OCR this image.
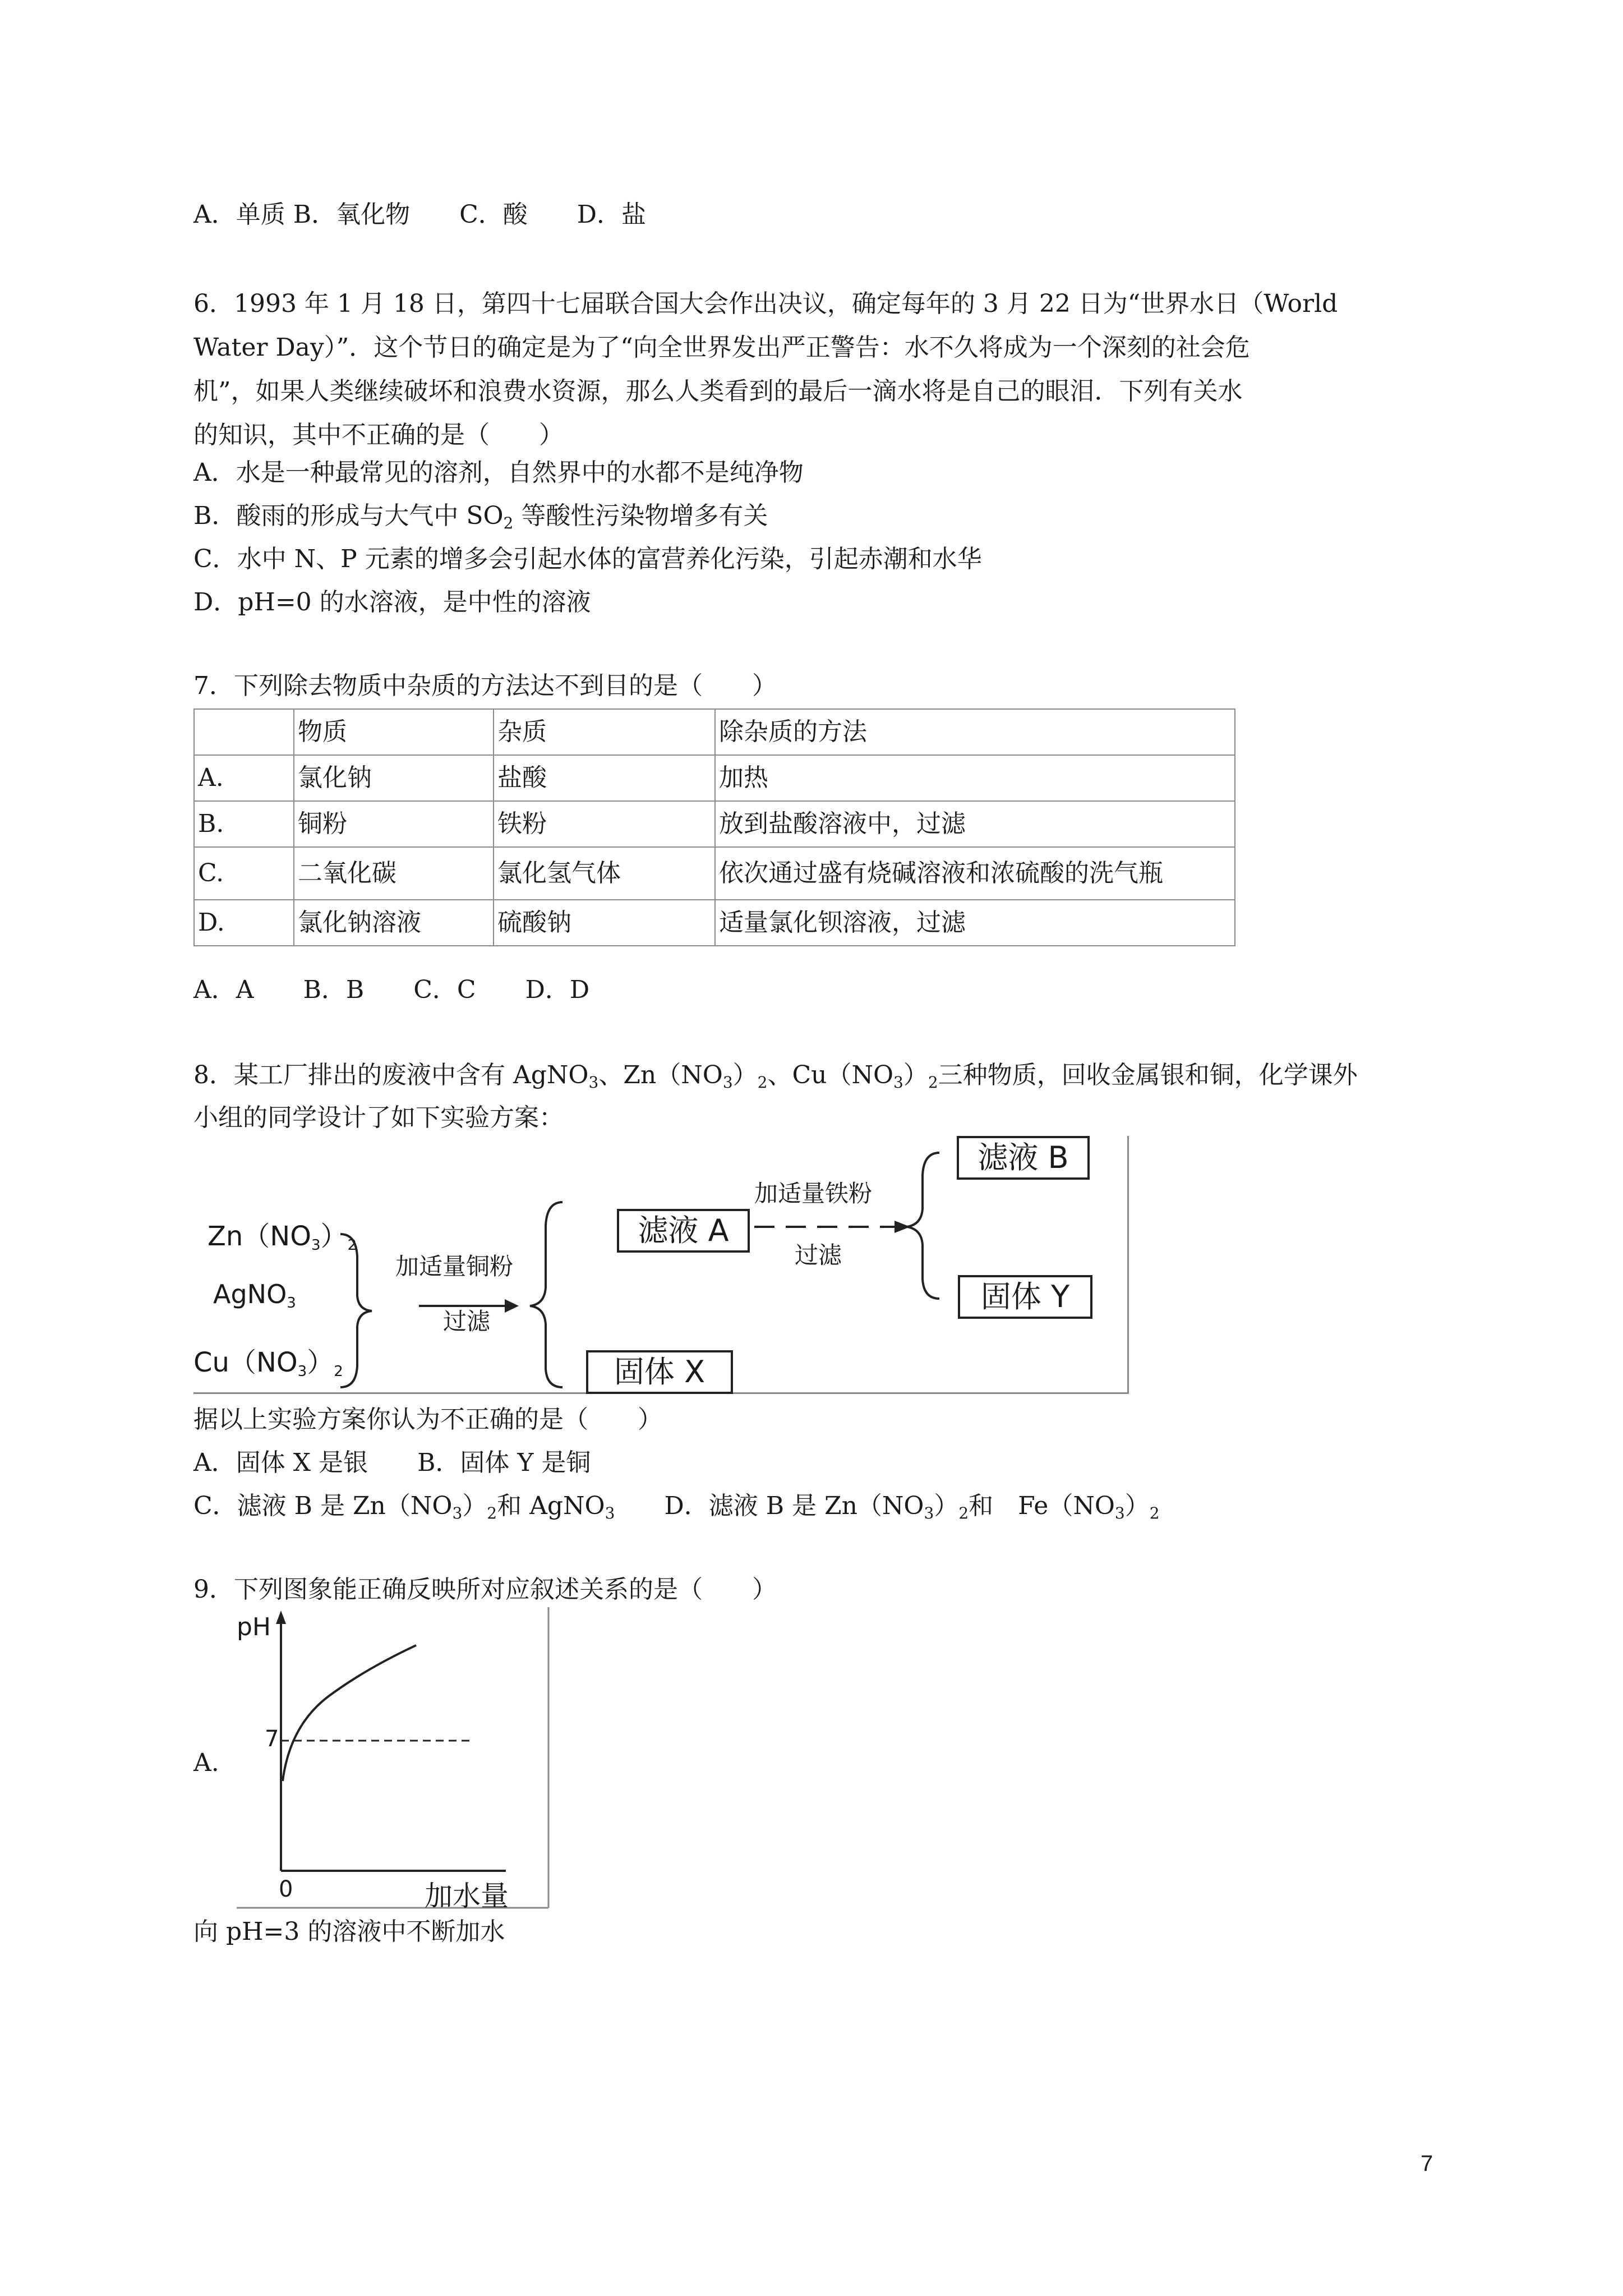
A．单质 B．氧化物　　 C．酸　　 D．盐
6．1993 年 1 月 18 日，第四十七届联合国大会作出决议，确定每年的 3 月 22 日为“世界水日（World
Water Day）”．这个节日的确定是为了“向全世界发出严正警告：水不久将成为一个深刻的社会危
机”，如果人类继续破坏和浪费水资源，那么人类看到的最后一滴水将是自己的眼泪．下列有关水
的知识，其中不正确的是（　　）
A．水是一种最常见的溶剂，自然界中的水都不是纯净物
B．酸雨的形成与大气中 $SO_2$ 等酸性污染物增多有关
C．水中 N、P 元素的增多会引起水体的富营养化污染，引起赤潮和水华
D．pH=0 的水溶液，是中性的溶液
7．下列除去物质中杂质的方法达不到目的是（　　）
	物质	杂质	除杂质的方法
A.	氯化钠	盐酸	加热
B.	铜粉	铁粉	放到盐酸溶液中，过滤
C.	二氧化碳	氯化氢气体	依次通过盛有烧碱溶液和浓硫酸的洗气瓶
D.	氯化钠溶液	硫酸钠	适量氯化钡溶液，过滤
A．A　　 B．B　　 C．C　　 D．D
8．某工厂排出的废液中含有 AgNO$_3$、$Zn(NO_3)_2$、$Cu(NO_3)_2$三种物质，回收金属银和铜，化学课外
小组的同学设计了如下实验方案：
$Zn(NO_3)_2$
AgNO$_3$
$Cu(NO_3)_2$
加适量铜粉
过滤
滤液 A
加适量铁粉
过滤
滤液 B
固体 Y
固体 X
据以上实验方案你认为不正确的是（　　）
A．固体 X 是银　　 B．固体 Y 是铜
C．滤液 B 是 $Zn(NO_3)_2$和 AgNO$_3$　　 D．滤液 B 是 $Zn(NO_3)_2$和　$Fe(NO_3)_2$
9．下列图象能正确反映所对应叙述关系的是（　　）
A.
pH
7
0	加水量
向 pH=3 的溶液中不断加水
7
